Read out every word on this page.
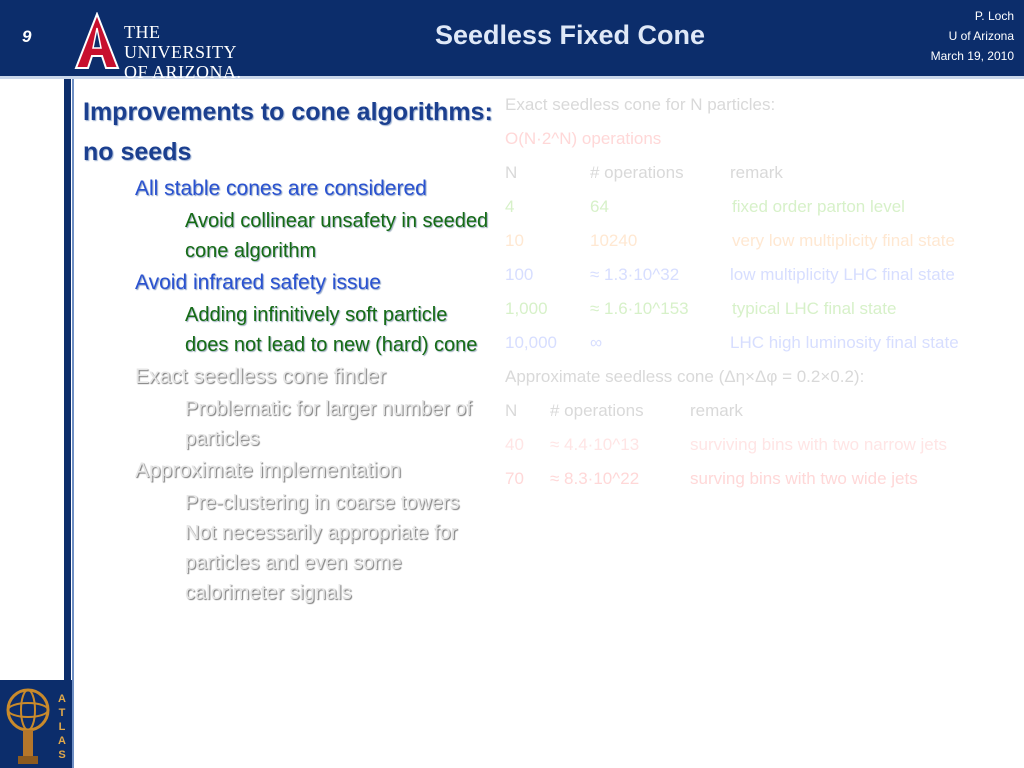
9	THE UNIVERSITY
OF ARIZONA.
Seedless Fixed Cone
P. Loch
U of Arizona
March 19, 2010
A
T
L
A
S
Improvements to cone algorithms: no seeds
All stable cones are considered
Avoid collinear unsafety in seeded cone algorithm
Avoid infrared safety issue
Adding infinitively soft particle does not lead to new (hard) cone
Exact seedless cone finder
Problematic for larger number of particles
Approximate implementation
Pre-clustering in coarse towers
Not necessarily appropriate for particles and even some calorimeter signals
Exact seedless cone for N particles:
O(N·2^N) operations
N	# operations	remark
4	64	fixed order parton level
10	10240	very low multiplicity final state
100	≈ 1.3·10^32	low multiplicity LHC final state
1,000 ≈ 1.6·10^153	typical LHC final state
10,000 ∞	LHC high luminosity final state
Approximate seedless cone (Δη×Δφ = 0.2×0.2):
N # operations	remark
40 ≈ 4.4·10^13	surviving bins with two narrow jets
70 ≈ 8.3·10^22	surving bins with two wide jets
